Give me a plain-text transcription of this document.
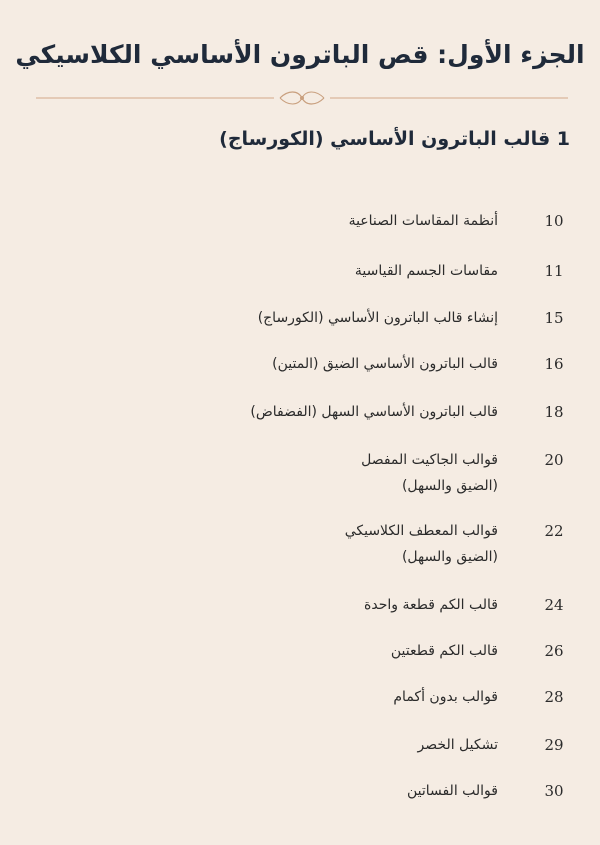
الجزء الأول: قص الباترون الأساسي الكلاسيكي
1 قالب الباترون الأساسي (الكورساج)
10
أنظمة المقاسات الصناعية
11
مقاسات الجسم القياسية
15
إنشاء قالب الباترون الأساسي (الكورساج)
16
قالب الباترون الأساسي الضيق (المتين)
18
قالب الباترون الأساسي السهل (الفضفاض)
20
قوالب الجاكيت المفصل
(الضيق والسهل)
22
قوالب المعطف الكلاسيكي
(الضيق والسهل)
24
قالب الكم قطعة واحدة
26
قالب الكم قطعتين
28
قوالب بدون أكمام
29
تشكيل الخصر
30
قوالب الفساتين
